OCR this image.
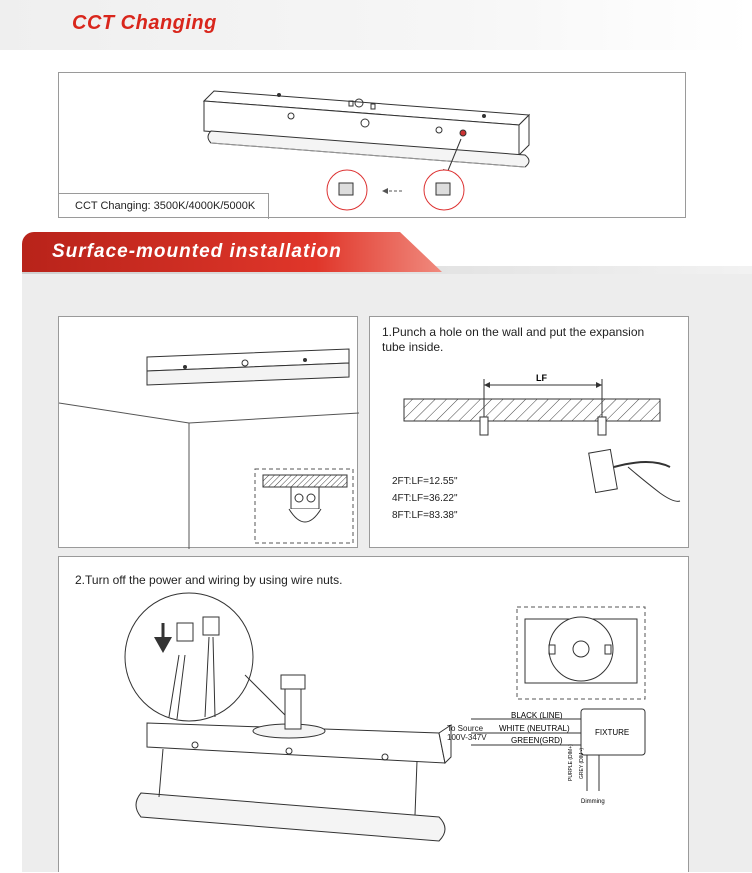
CCT Changing
CCT Changing: 3500K/4000K/5000K
Surface-mounted installation
1.Punch a hole on the wall and put the expansion
tube inside.
LF
2FT:LF=12.55"
4FT:LF=36.22"
8FT:LF=83.38"
2.Turn off the power and wiring by using wire nuts.
To Source
100V-347V
BLACK (LINE)
WHITE (NEUTRAL)
GREEN(GRD)
FIXTURE
PURPLE (DIM+) GREY (DIM -)
Dimming
